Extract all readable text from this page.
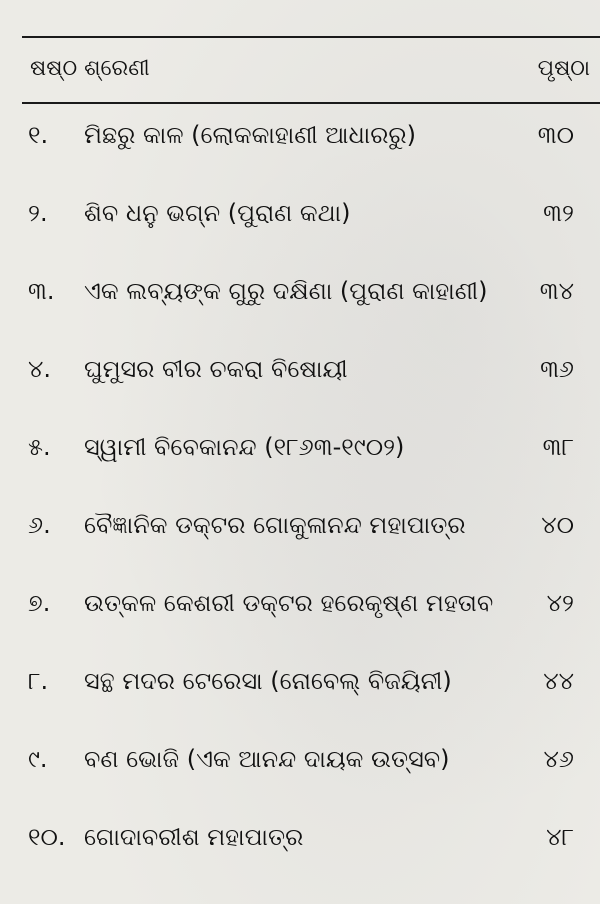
ଷଷ୍ଠ ଶ୍ରେଣୀ	ପୃଷ୍ଠା
୧.	ମିଛରୁ କାଳ (ଲୋକକାହାଣୀ ଆଧାରରୁ)	୩୦
୨.	ଶିବ ଧନୁ ଭଗ୍ନ (ପୁରାଣ କଥା)	୩୨
୩.	ଏକ ଲବ୍ୟଙ୍କ ଗୁରୁ ଦକ୍ଷିଣା (ପୁରାଣ କାହାଣୀ) ୩୪
୪.	ଘୁମୁସର ବୀର ଚକରା ବିଷୋୟୀ	୩୬
୫.	ସ୍ୱାମୀ ବିବେକାନନ୍ଦ (୧୮୬୩-୧୯୦୨)	୩୮
୬.	ବୈଜ୍ଞାନିକ ଡକ୍ଟର ଗୋକୁଳାନନ୍ଦ ମହାପାତ୍ର	୪୦
୭.	ଉତ୍କଳ କେଶରୀ ଡକ୍ଟର ହରେକୃଷ୍ଣ ମହତାବ ୪୨
୮.	ସନ୍ଥ ମଦର ଟେରେସା (ନୋବେଲ୍ ବିଜୟିନୀ)	୪୪
୯.	ବଣ ଭୋଜି (ଏକ ଆନନ୍ଦ ଦାୟକ ଉତ୍ସବ)	୪୬
୧୦. ଗୋଦାବରୀଶ ମହାପାତ୍ର	୪୮
